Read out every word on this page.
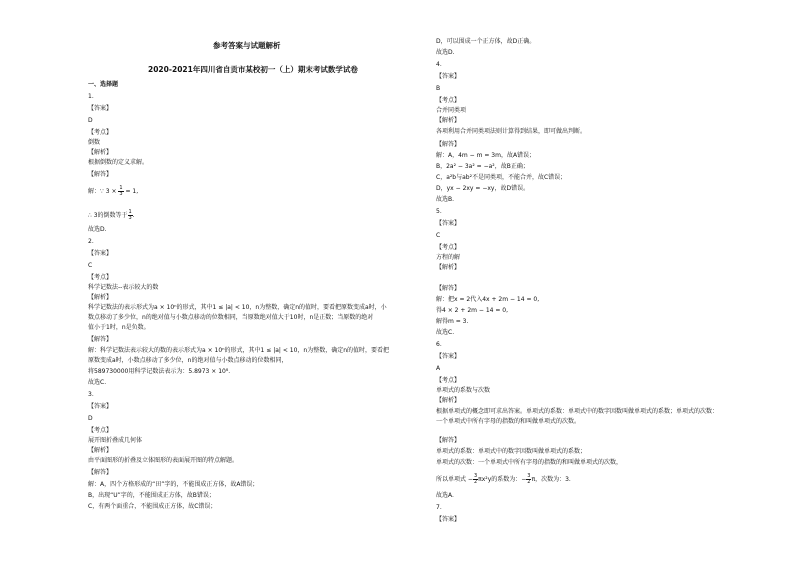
参考答案与试题解析
2020-2021年四川省自贡市某校初一（上）期末考试数学试卷
一、选择题
1.
【答案】
D
【考点】
倒数
【解析】
根据倒数的定义求解。
【解答】
解：∵ $3 \times \frac{1}{3} = 1$,
∴ 3的倒数等于 $\frac{1}{3}$ .
故选D.
2.
【答案】
C
【考点】
科学记数法--表示较大的数
【解析】
科学记数法的表示形式为a × 10ⁿ的形式，其中1 ≤ |a| < 10，n为整数，确定n的值时，要看把原数变成a时，小
数点移动了多少位，n的绝对值与小数点移动的位数相同，当原数绝对值大于10时，n是正数；当原数的绝对
值小于1时，n是负数。
【解答】
解：科学记数法表示较大的数的表示形式为a × 10ⁿ的形式，其中1 ≤ |a| < 10，n为整数，确定n的值时，要看把
原数变成a时，小数点移动了多少位，n的绝对值与小数点移动的位数相同，
将589730000用科学记数法表示为：5.8973 × 10⁸.
故选C.
3.
【答案】
D
【考点】
展开图折叠成几何体
【解析】
由平面图形的折叠及立体图形的表面展开图的特点解题。
【解答】
解：A，四个方格形成的“田”字的，不能围成正方体，故A错误；
B，出现“U”字的，不能围成正方体，故B错误；
C，有两个面重合，不能围成正方体，故C错误；
D，可以围成一个正方体，故D正确。
故选D.
4.
【答案】
B
【考点】
合并同类项
【解析】
各项利用合并同类项法则计算得到结果，即可做出判断。
【解答】
解：A，4m − m = 3m，故A错误；
B，2a² − 3a² = −a²，故B正确；
C，a²b与ab²不是同类项，不能合并，故C错误；
D，yx − 2xy = −xy，故D错误。
故选B.
5.
【答案】
C
【考点】
方程的解
【解析】
【解答】
解：把x = 2代入4x + 2m − 14 = 0,
得4 × 2 + 2m − 14 = 0,
解得m = 3.
故选C.
6.
【答案】
A
【考点】
单项式的系数与次数
【解析】
根据单项式的概念即可求出答案。单项式的系数：单项式中的数字因数叫做单项式的系数；单项式的次数：
一个单项式中所有字母的指数的和叫做单项式的次数。
【解答】
单项式的系数：单项式中的数字因数叫做单项式的系数；
单项式的次数：一个单项式中所有字母的指数的和叫做单项式的次数，
所以单项式 − $\frac{3}{2} \pi x^2y$的系数为：− $\frac{3}{2}$ π，次数为：3.
故选A.
7.
【答案】
